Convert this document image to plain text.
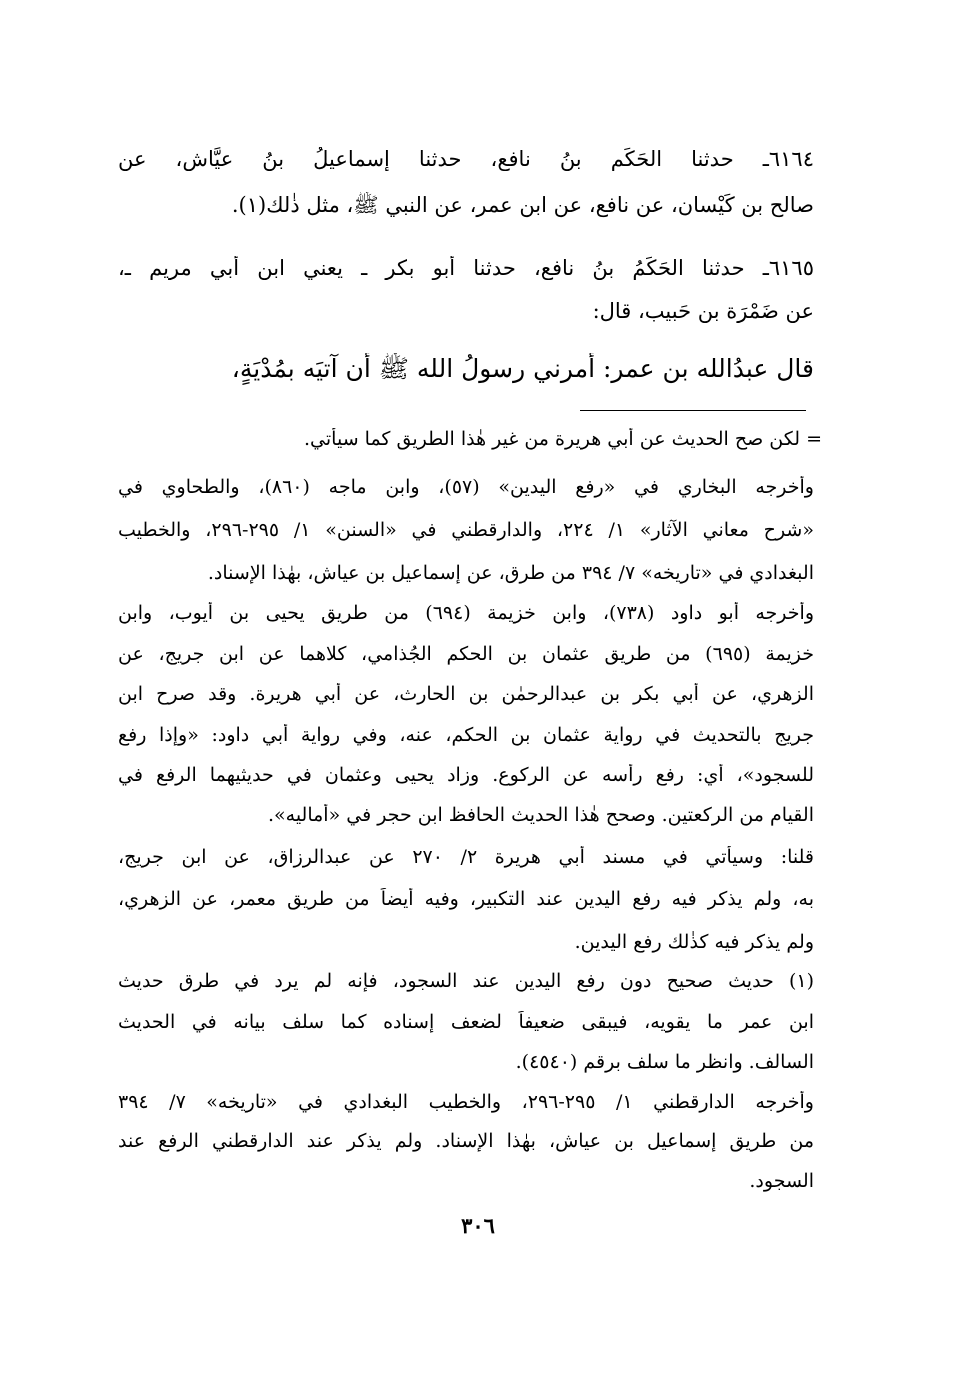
٦١٦٤ـ حدثنا الحَكَم بنُ نافع، حدثنا إسماعيلُ بنُ عيَّاش، عن
صالح بن كَيْسان، عن نافع، عن ابن عمر، عن النبي ﷺ، مثل ذٰلك(١).
٦١٦٥ـ حدثنا الحَكَمُ بنُ نافع، حدثنا أبو بكر ـ يعني ابن أبي مريم ـ،
عن ضَمْرَة بن حَبيب، قال:
قال عبدُالله بن عمر: أمرني رسولُ الله ﷺ أن آتيَه بمُدْيَةٍ،
= لكن صح الحديث عن أبي هريرة من غير هٰذا الطريق كما سيأتي.
وأخرجه البخاري في «رفع اليدين» (٥٧)، وابن ماجه (٨٦٠)، والطحاوي في
«شرح معاني الآثار» ١/ ٢٢٤، والدارقطني في «السنن» ١/ ٢٩٥-٢٩٦، والخطيب
البغدادي في «تاريخه» ٧/ ٣٩٤ من طرق، عن إسماعيل بن عياش، بهٰذا الإسناد.
وأخرجه أبو داود (٧٣٨)، وابن خزيمة (٦٩٤) من طريق يحيى بن أيوب، وابن
خزيمة (٦٩٥) من طريق عثمان بن الحكم الجُذامي، كلاهما عن ابن جريج، عن
الزهري، عن أبي بكر بن عبدالرحمٰن بن الحارث، عن أبي هريرة. وقد صرح ابن
جريج بالتحديث في رواية عثمان بن الحكم، عنه، وفي رواية أبي داود: «وإذا رفع
للسجود»، أي: رفع رأسه عن الركوع. وزاد يحيى وعثمان في حديثيهما الرفع في
القيام من الركعتين. وصحح هٰذا الحديث الحافظ ابن حجر في «أماليه».
قلنا: وسيأتي في مسند أبي هريرة ٢/ ٢٧٠ عن عبدالرزاق، عن ابن جريج،
به، ولم يذكر فيه رفع اليدين عند التكبير، وفيه أيضاً من طريق معمر، عن الزهري،
ولم يذكر فيه كذٰلك رفع اليدين.
(١) حديث صحيح دون رفع اليدين عند السجود، فإنه لم يرد في طرق حديث
ابن عمر ما يقويه، فيبقى ضعيفاً لضعف إسناده كما سلف بيانه في الحديث
السالف. وانظر ما سلف برقم (٤٥٤٠).
وأخرجه الدارقطني ١/ ٢٩٥-٢٩٦، والخطيب البغدادي في «تاريخه» ٧/ ٣٩٤
من طريق إسماعيل بن عياش، بهٰذا الإسناد. ولم يذكر عند الدارقطني الرفع عند
السجود.
٣٠٦
